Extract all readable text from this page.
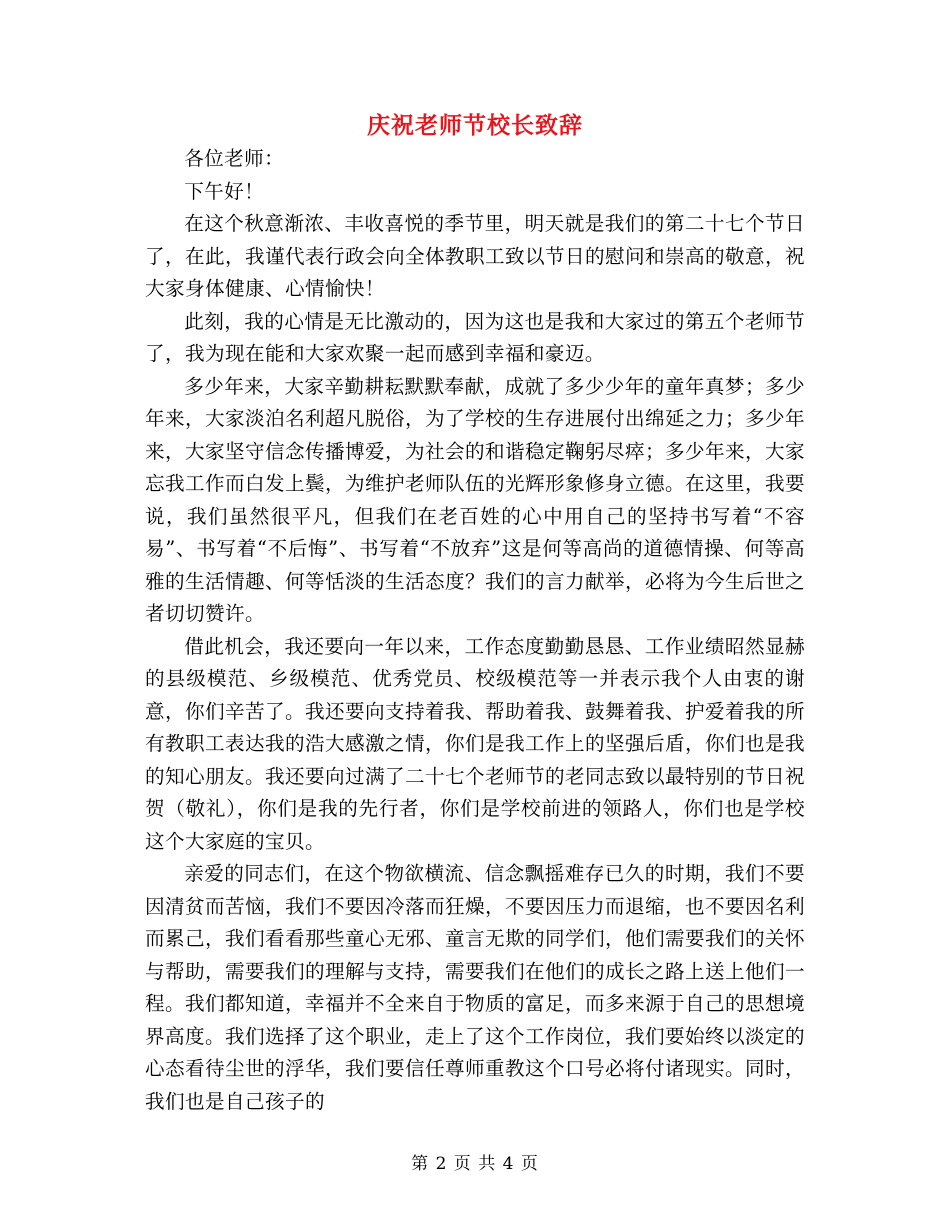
庆祝老师节校长致辞

各位老师：

下午好！

在这个秋意渐浓、丰收喜悦的季节里，明天就是我们的第二十七个节日了，在此，我谨代表行政会向全体教职工致以节日的慰问和崇高的敬意，祝大家身体健康、心情愉快！

此刻，我的心情是无比激动的，因为这也是我和大家过的第五个老师节了，我为现在能和大家欢聚一起而感到幸福和豪迈。

多少年来，大家辛勤耕耘默默奉献，成就了多少少年的童年真梦；多少年来，大家淡泊名利超凡脱俗，为了学校的生存进展付出绵延之力；多少年来，大家坚守信念传播博爱，为社会的和谐稳定鞠躬尽瘁；多少年来，大家忘我工作而白发上鬓，为维护老师队伍的光辉形象修身立德。在这里，我要说，我们虽然很平凡，但我们在老百姓的心中用自己的坚持书写着“不容易”、书写着“不后悔”、书写着“不放弃”这是何等高尚的道德情操、何等高雅的生活情趣、何等恬淡的生活态度？我们的言力献举，必将为今生后世之者切切赞许。

借此机会，我还要向一年以来，工作态度勤勤恳恳、工作业绩昭然显赫的县级模范、乡级模范、优秀党员、校级模范等一并表示我个人由衷的谢意，你们辛苦了。我还要向支持着我、帮助着我、鼓舞着我、护爱着我的所有教职工表达我的浩大感激之情，你们是我工作上的坚强后盾，你们也是我的知心朋友。我还要向过满了二十七个老师节的老同志致以最特别的节日祝贺（敬礼），你们是我的先行者，你们是学校前进的领路人，你们也是学校这个大家庭的宝贝。

亲爱的同志们，在这个物欲横流、信念飘摇难存已久的时期，我们不要因清贫而苦恼，我们不要因冷落而狂燥，不要因压力而退缩，也不要因名利而累己，我们看看那些童心无邪、童言无欺的同学们，他们需要我们的关怀与帮助，需要我们的理解与支持，需要我们在他们的成长之路上送上他们一程。我们都知道，幸福并不全来自于物质的富足，而多来源于自己的思想境界高度。我们选择了这个职业，走上了这个工作岗位，我们要始终以淡定的心态看待尘世的浮华，我们要信任尊师重教这个口号必将付诸现实。同时，我们也是自己孩子的

第 2 页 共 4 页
